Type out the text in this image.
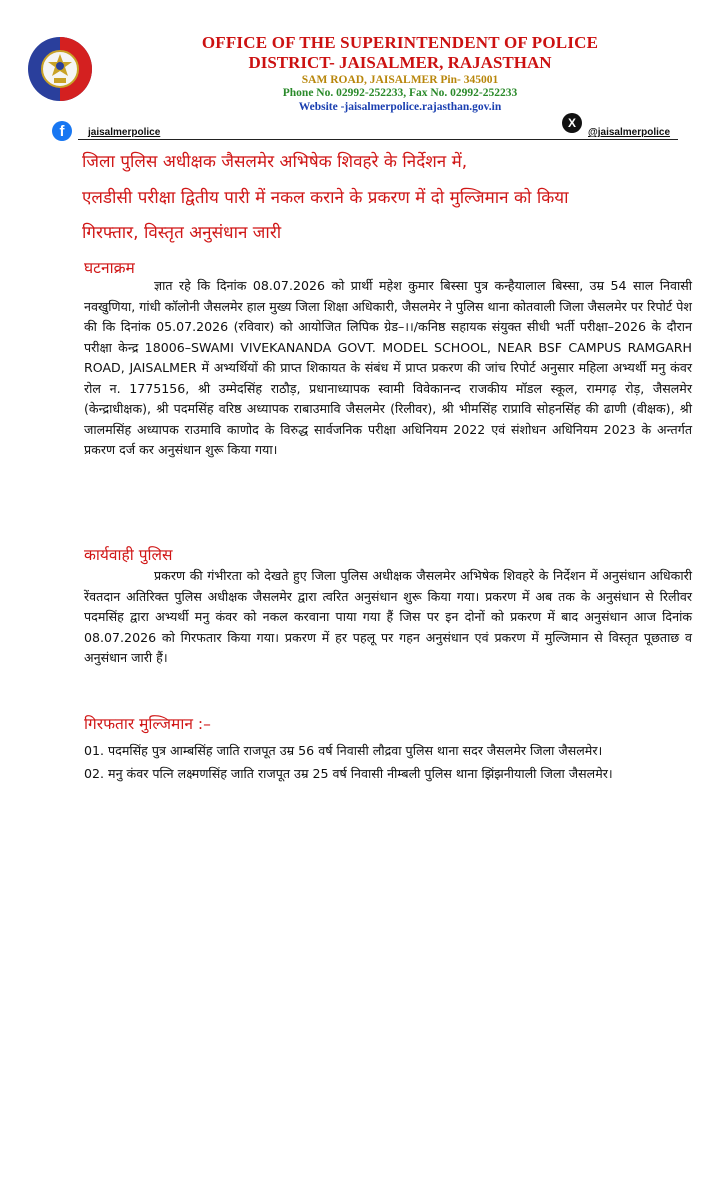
OFFICE OF THE SUPERINTENDENT OF POLICE
DISTRICT- JAISALMER, RAJASTHAN
SAM ROAD, JAISALMER Pin- 345001
Phone No. 02992-252233, Fax No. 02992-252233
Website -jaisalmerpolice.rajasthan.gov.in
f	jaisalmerpolice
X
@jaisalmerpolice
जिला पुलिस अधीक्षक जैसलमेर अभिषेक शिवहरे के निर्देशन में,
एलडीसी परीक्षा द्वितीय पारी में नकल कराने के प्रकरण में दो मुल्जिमान को किया
गिरफ्तार, विस्तृत अनुसंधान जारी
घटनाक्रम

ज्ञात रहे कि दिनांक 08.07.2026 को प्रार्थी महेश कुमार बिस्सा पुत्र कन्हैयालाल बिस्सा, उम्र 54 साल निवासी नवखुणिया, गांधी कॉलोनी जैसलमेर हाल मुख्य जिला शिक्षा अधिकारी, जैसलमेर ने पुलिस थाना कोतवाली जिला जैसलमेर पर रिपोर्ट पेश की कि दिनांक 05.07.2026 (रविवार) को आयोजित लिपिक ग्रेड–।।/कनिष्ठ सहायक संयुक्त सीधी भर्ती परीक्षा–2026 के दौरान परीक्षा केन्द्र 18006–SWAMI VIVEKANANDA GOVT. MODEL SCHOOL, NEAR BSF CAMPUS RAMGARH ROAD, JAISALMER में अभ्यर्थियों की प्राप्त शिकायत के संबंध में प्राप्त प्रकरण की जांच रिपोर्ट अनुसार महिला अभ्यर्थी मनु कंवर रोल न. 1775156, श्री उम्मेदसिंह राठौड़, प्रधानाध्यापक स्वामी विवेकानन्द राजकीय मॉडल स्कूल, रामगढ़ रोड़, जैसलमेर (केन्द्राधीक्षक), श्री पदमसिंह वरिष्ठ अध्यापक राबाउमावि जैसलमेर (रिलीवर), श्री भीमसिंह राप्रावि सोहनसिंह की ढाणी (वीक्षक), श्री जालमसिंह अध्यापक राउमावि काणोद के विरुद्ध सार्वजनिक परीक्षा अधिनियम 2022 एवं संशोधन अधिनियम 2023 के अन्तर्गत प्रकरण दर्ज कर अनुसंधान शुरू किया गया।

कार्यवाही पुलिस

प्रकरण की गंभीरता को देखते हुए जिला पुलिस अधीक्षक जैसलमेर अभिषेक शिवहरे के निर्देशन में अनुसंधान अधिकारी रेंवतदान अतिरिक्त पुलिस अधीक्षक जैसलमेर द्वारा त्वरित अनुसंधान शुरू किया गया। प्रकरण में अब तक के अनुसंधान से रिलीवर पदमसिंह द्वारा अभ्यर्थी मनु कंवर को नकल करवाना पाया गया हैं जिस पर इन दोनों को प्रकरण में बाद अनुसंधान आज दिनांक 08.07.2026 को गिरफतार किया गया। प्रकरण में हर पहलू पर गहन अनुसंधान एवं प्रकरण में मुल्जिमान से विस्तृत पूछताछ व अनुसंधान जारी हैं।

गिरफतार मुल्जिमान :–
01. पदमसिंह पुत्र आम्बसिंह जाति राजपूत उम्र 56 वर्ष निवासी लौद्रवा पुलिस थाना सदर जैसलमेर जिला जैसलमेर।
02. मनु कंवर पत्नि लक्ष्मणसिंह जाति राजपूत उम्र 25 वर्ष निवासी नीम्बली पुलिस थाना झिंझनीयाली जिला जैसलमेर।
